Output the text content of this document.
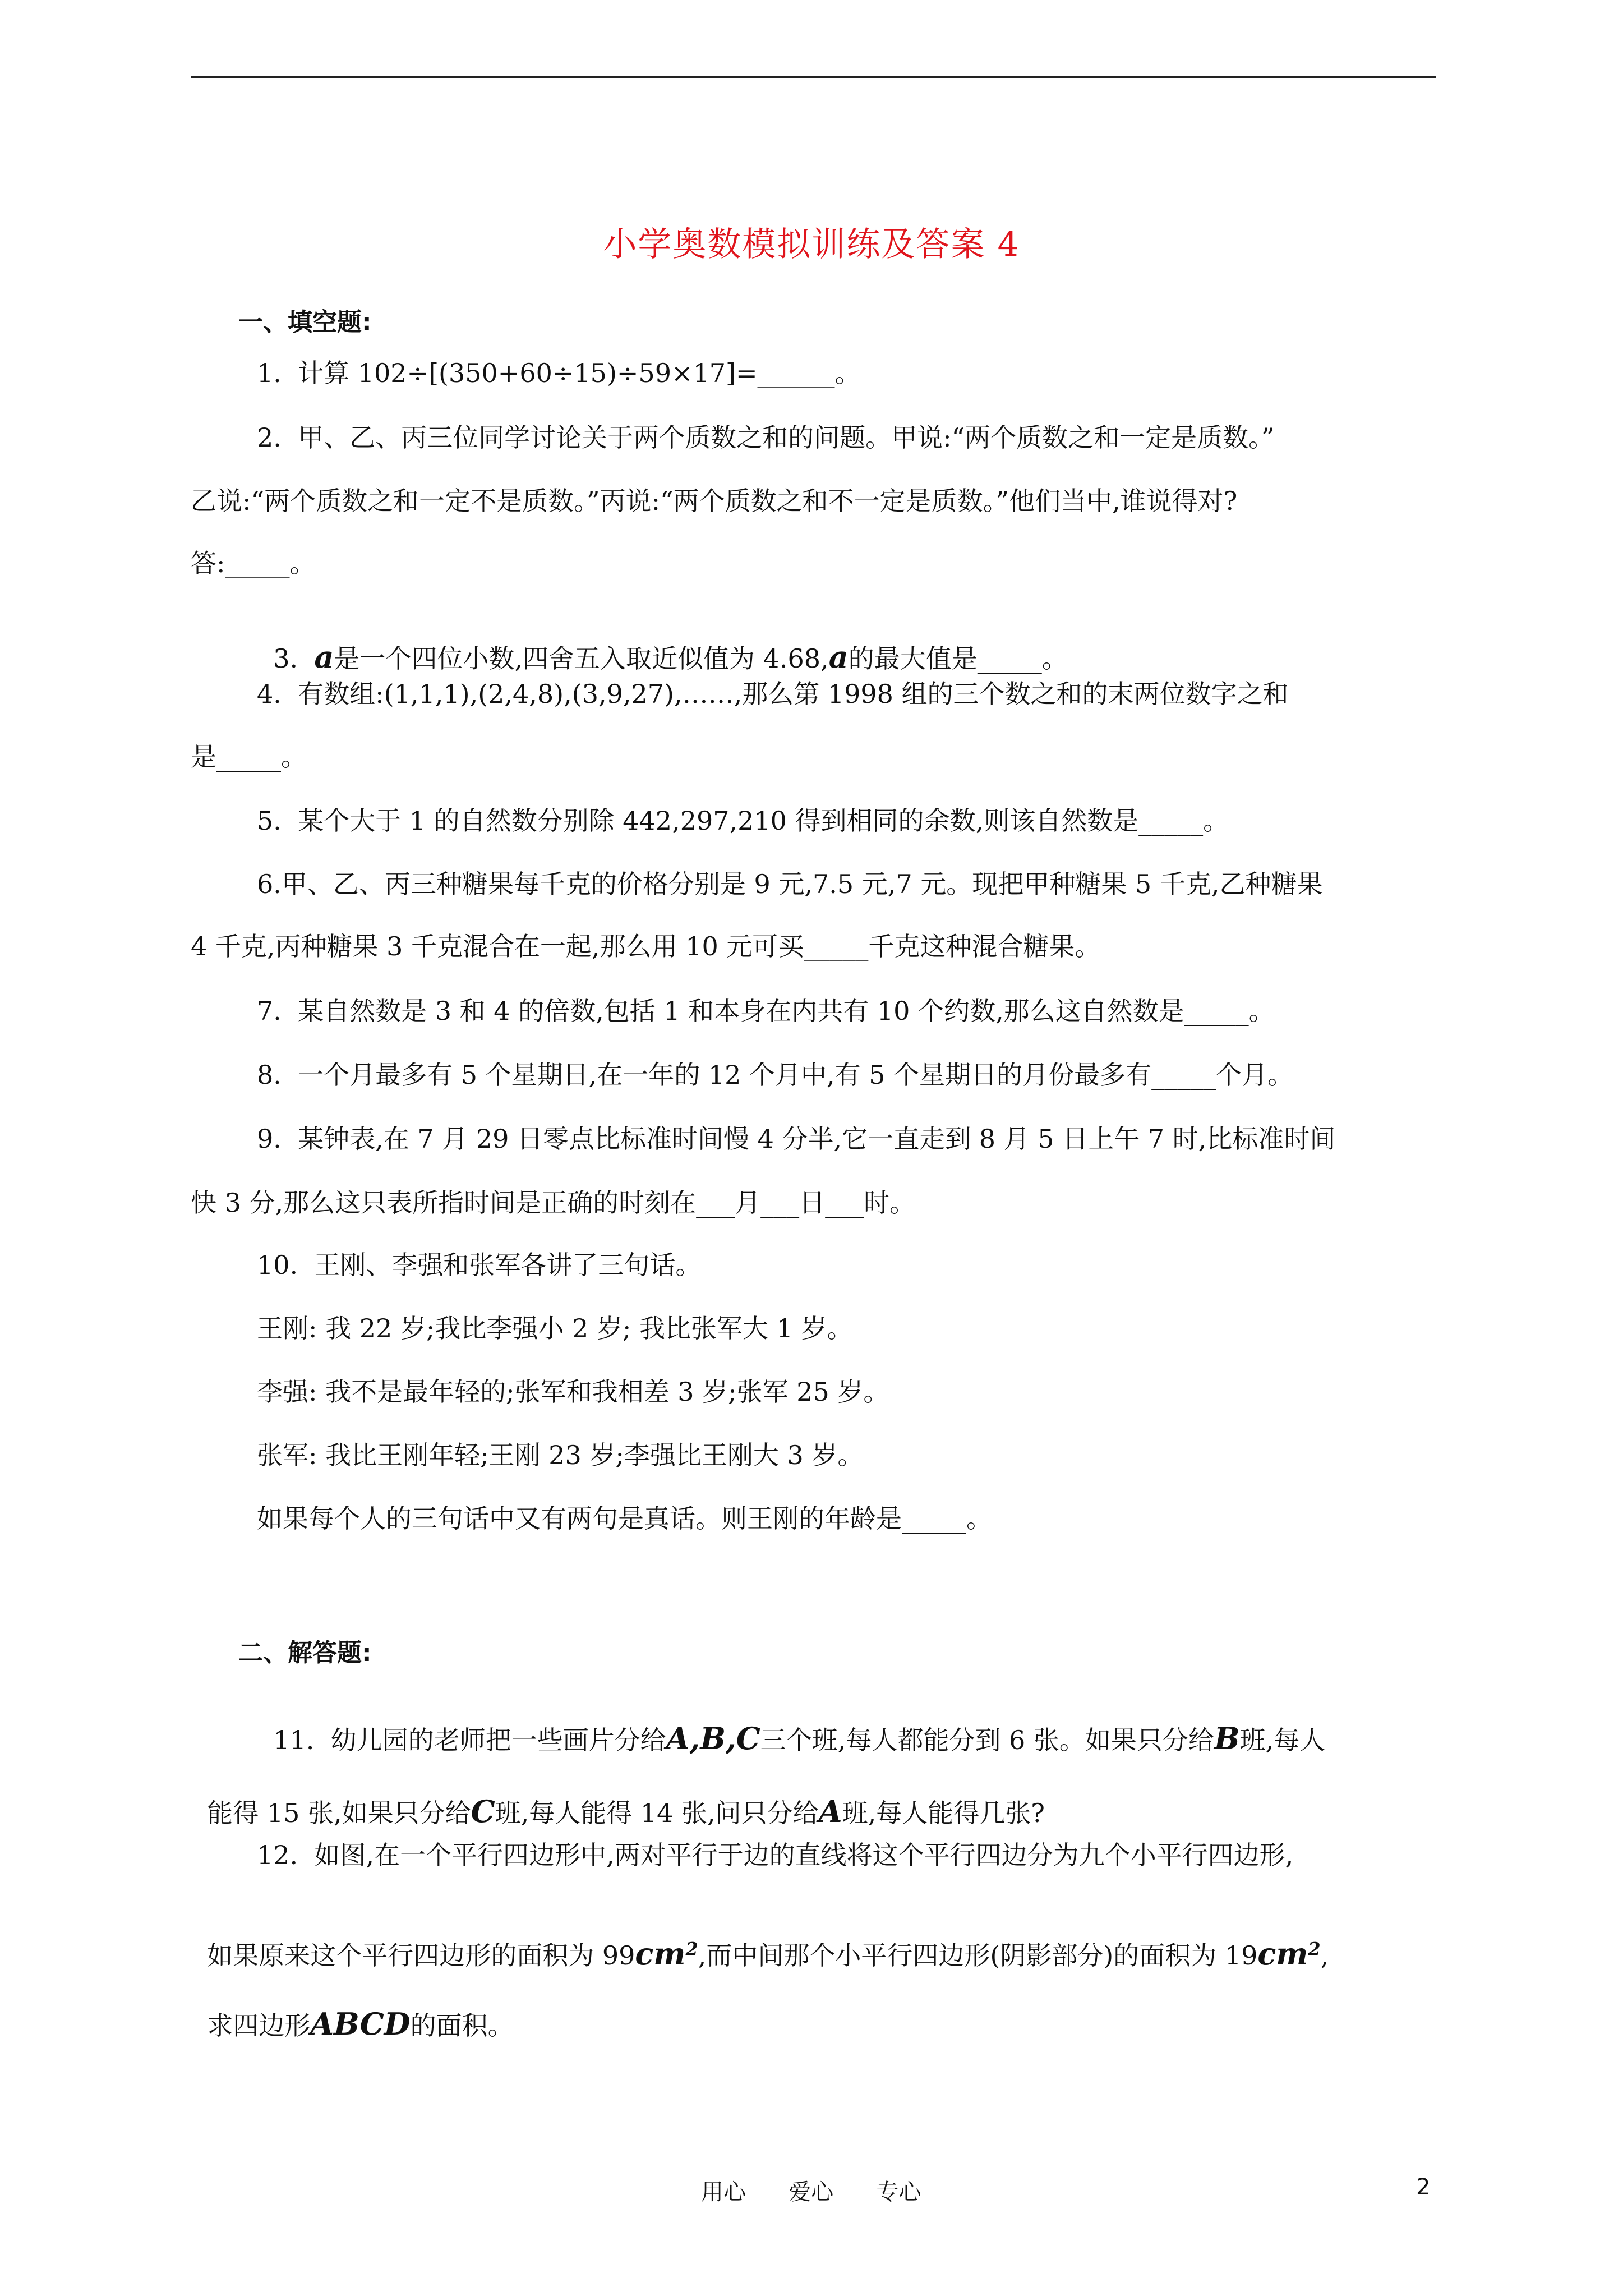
小学奥数模拟训练及答案 4
一、填空题:
1.  计算 102÷[(350+60÷15)÷59×17]=______。
2.  甲、乙、丙三位同学讨论关于两个质数之和的问题。甲说:“两个质数之和一定是质数。”
乙说:“两个质数之和一定不是质数。”丙说:“两个质数之和不一定是质数。”他们当中,谁说得对?
答:_____。

3.  a是一个四位小数,四舍五入取近似值为 4.68,a的最大值是_____。

4.  有数组:(1,1,1),(2,4,8),(3,9,27),……,那么第 1998 组的三个数之和的末两位数字之和
是_____。
5.  某个大于 1 的自然数分别除 442,297,210 得到相同的余数,则该自然数是_____。
6.甲、乙、丙三种糖果每千克的价格分别是 9 元,7.5 元,7 元。现把甲种糖果 5 千克,乙种糖果
4 千克,丙种糖果 3 千克混合在一起,那么用 10 元可买_____千克这种混合糖果。
7.  某自然数是 3 和 4 的倍数,包括 1 和本身在内共有 10 个约数,那么这自然数是_____。
8.  一个月最多有 5 个星期日,在一年的 12 个月中,有 5 个星期日的月份最多有_____个月。
9.  某钟表,在 7 月 29 日零点比标准时间慢 4 分半,它一直走到 8 月 5 日上午 7 时,比标准时间
快 3 分,那么这只表所指时间是正确的时刻在___月___日___时。
10.  王刚、李强和张军各讲了三句话。
王刚: 我 22 岁;我比李强小 2 岁; 我比张军大 1 岁。
李强: 我不是最年轻的;张军和我相差 3 岁;张军 25 岁。
张军: 我比王刚年轻;王刚 23 岁;李强比王刚大 3 岁。
如果每个人的三句话中又有两句是真话。则王刚的年龄是_____。
二、解答题:

11.  幼儿园的老师把一些画片分给A,B,C三个班,每人都能分到 6 张。如果只分给B班,每人

能得 15 张,如果只分给C班,每人能得 14 张,问只分给A班,每人能得几张?

12.  如图,在一个平行四边形中,两对平行于边的直线将这个平行四边分为九个小平行四边形,

如果原来这个平行四边形的面积为 $99cm^2$,而中间那个小平行四边形(阴影部分)的面积为 $19cm^2$,

求四边形ABCD的面积。

用心      爱心      专心	2
